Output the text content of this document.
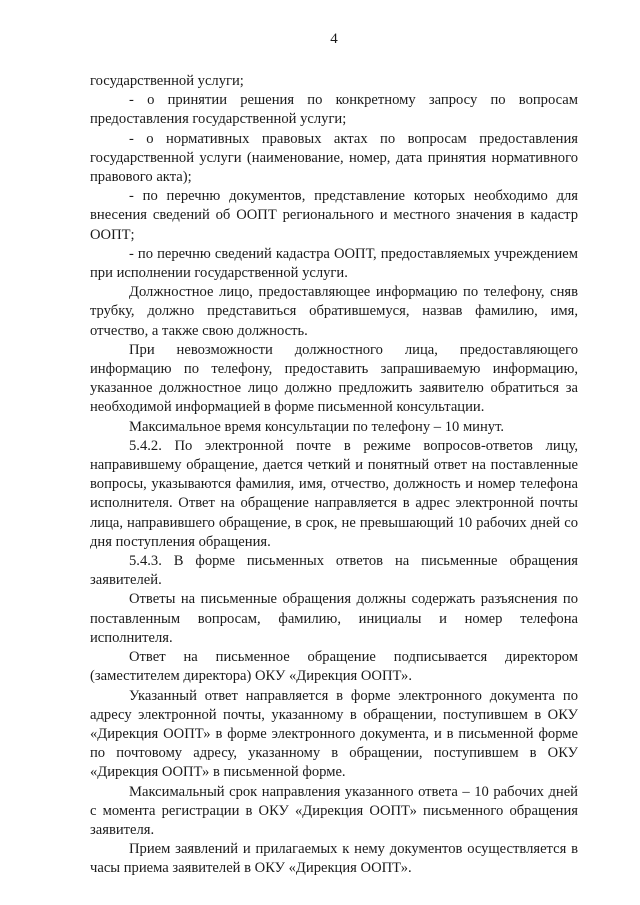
4

государственной услуги;

- о принятии решения по конкретному запросу по вопросам предоставления государственной услуги;

- о нормативных правовых актах по вопросам предоставления государственной услуги (наименование, номер, дата принятия нормативного правового акта);

- по перечню документов, представление которых необходимо для внесения сведений об ООПТ регионального и местного значения в кадастр ООПТ;

- по перечню сведений кадастра ООПТ, предоставляемых учреждением при исполнении государственной услуги.

Должностное лицо, предоставляющее информацию по телефону, сняв трубку, должно представиться обратившемуся, назвав фамилию, имя, отчество, а также свою должность.

При невозможности должностного лица, предоставляющего информацию по телефону, предоставить запрашиваемую информацию, указанное должностное лицо должно предложить заявителю обратиться за необходимой информацией в форме письменной консультации.

Максимальное время консультации по телефону – 10 минут.

5.4.2. По электронной почте в режиме вопросов-ответов лицу, направившему обращение, дается четкий и понятный ответ на поставленные вопросы, указываются фамилия, имя, отчество, должность и номер телефона исполнителя. Ответ на обращение направляется в адрес электронной почты лица, направившего обращение, в срок, не превышающий 10 рабочих дней со дня поступления обращения.

5.4.3. В форме письменных ответов на письменные обращения заявителей.

Ответы на письменные обращения должны содержать разъяснения по поставленным вопросам, фамилию, инициалы и номер телефона исполнителя.

Ответ на письменное обращение подписывается директором (заместителем директора) ОКУ «Дирекция ООПТ».

Указанный ответ направляется в форме электронного документа по адресу электронной почты, указанному в обращении, поступившем в ОКУ «Дирекция ООПТ» в форме электронного документа, и в письменной форме по почтовому адресу, указанному в обращении, поступившем в ОКУ «Дирекция ООПТ» в письменной форме.

Максимальный срок направления указанного ответа – 10 рабочих дней с момента регистрации в ОКУ «Дирекция ООПТ» письменного обращения заявителя.

Прием заявлений и прилагаемых к нему документов осуществляется в часы приема заявителей в ОКУ «Дирекция ООПТ».
